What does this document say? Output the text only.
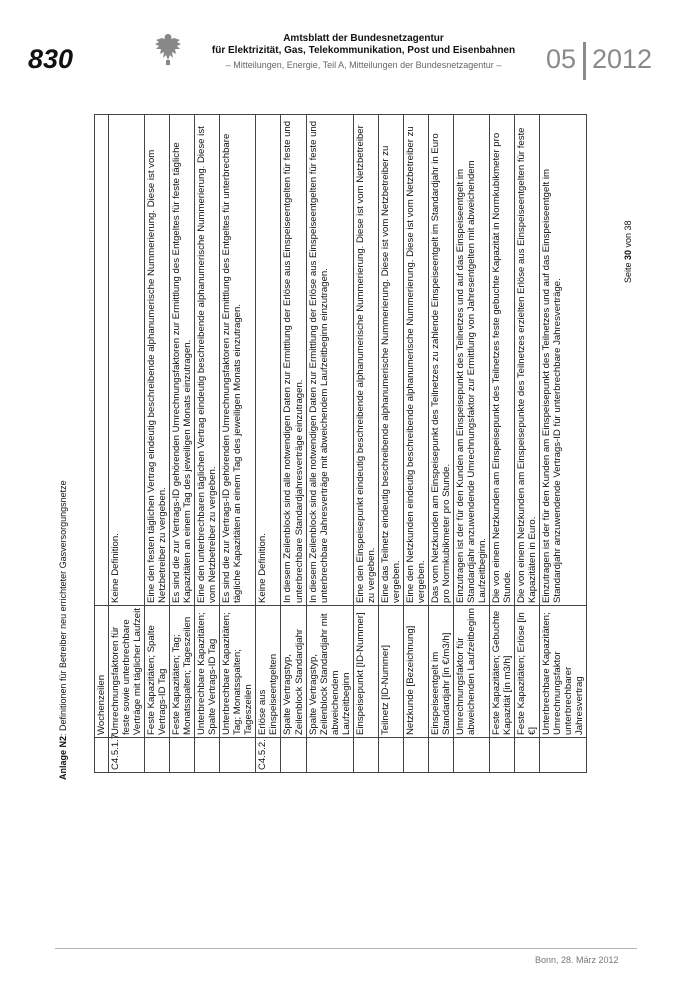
830
Amtsblatt der Bundesnetzagentur
für Elektrizität, Gas, Telekommunikation, Post und Eisenbahnen
– Mitteilungen, Energie, Teil A, Mitteilungen der Bundesnetzagentur –	05 2012
Anlage N2: Definitionen für Betreiber neu errichteter Gasversorgungsnetze
		Wochenzeilen	
C4.5.1.7.	Umrechnungsfaktoren für feste sowie unterbrechbare Verträge mit täglicher Laufzeit	Keine Definition.
	Feste Kapazitäten; Spalte Vertrags-ID Tag	Eine den festen täglichen Vertrag eindeutig beschreibende alphanumerische Nummerierung. Diese ist vom Netzbetreiber zu vergeben.
	Feste Kapazitäten; Tag; Monatsspalten; Tageszeilen	Es sind die zur Vertrags-ID gehörenden Umrechnungsfaktoren zur Ermittlung des Entgeltes für feste tägliche Kapazitäten an einem Tag des jeweiligen Monats einzutragen.
	Unterbrechbare Kapazitäten; Spalte Vertrags-ID Tag	Eine den unterbrechbaren täglichen Vertrag eindeutig beschreibende alphanumerische Nummerierung. Diese ist vom Netzbetreiber zu vergeben.
	Unterbrechbare Kapazitäten; Tag; Monatsspalten; Tageszeilen	Es sind die zur Vertrags-ID gehörenden Umrechnungsfaktoren zur Ermittlung des Entgeltes für unterbrechbare tägliche Kapazitäten an einem Tag des jeweiligen Monats einzutragen.
C4.5.2.	Erlöse aus Einspeiseentgelten	Keine Definition.
	Spalte Vertragstyp, Zeilenblock Standardjahr	In diesem Zeilenblock sind alle notwendigen Daten zur Ermittlung der Erlöse aus Einspeiseentgelten für feste und unterbrechbare Standardjahresverträge einzutragen.
	Spalte Vertragstyp, Zeilenblock Standardjahr mit abweichendem Laufzeitbeginn	In diesem Zeilenblock sind alle notwendigen Daten zur Ermittlung der Erlöse aus Einspeiseentgelten für feste und unterbrechbare Jahresverträge mit abweichendem Laufzeitbeginn einzutragen.
	Einspeisepunkt [ID-Nummer]	Eine den Einspeisepunkt eindeutig beschreibende alphanumerische Nummerierung. Diese ist vom Netzbetreiber zu vergeben.
	Teilnetz [ID-Nummer]	Eine das Teilnetz eindeutig beschreibende alphanumerische Nummerierung. Diese ist vom Netzbetreiber zu vergeben.
	Netzkunde [Bezeichnung]	Eine den Netzkunden eindeutig beschreibende alphanumerische Nummerierung. Diese ist vom Netzbetreiber zu vergeben.
	Einspeiseentgelt im Standardjahr [in €/m3/h]	Das vom Netzkunden am Einspeisepunkt des Teilnetzes zu zahlende Einspeiseentgelt im Standardjahr in Euro pro Normkubikmeter pro Stunde.
	Umrechnungsfaktor für abweichenden Laufzeitbeginn	Einzutragen ist der für den Kunden am Einspeisepunkt des Teilnetzes und auf das Einspeiseentgelt im Standardjahr anzuwendende Umrechnungsfaktor zur Ermittlung von Jahresentgelten mit abweichendem Laufzeitbeginn.
	Feste Kapazitäten; Gebuchte Kapazität [in m3/h]	Die von einem Netzkunden am Einspeisepunkt des Teilnetzes feste gebuchte Kapazität in Normkubikmeter pro Stunde.
	Feste Kapazitäten; Erlöse [in €]	Die von einem Netzkunden am Einspeisepunkte des Teilnetzes erzielten Erlöse aus Einspeiseentgelten für feste Kapazitäten in Euro.
	Unterbrechbare Kapazitäten; Umrechnungsfaktor unterbrechbarer Jahresvertrag	Einzutragen ist der für den Kunden am Einspeisepunkt des Teilnetzes und auf das Einspeiseentgelt im Standardjahr anzuwendende Vertrags-ID für unterbrechbare Jahresverträge.
Seite 30 von 38
Bonn, 28. März 2012
